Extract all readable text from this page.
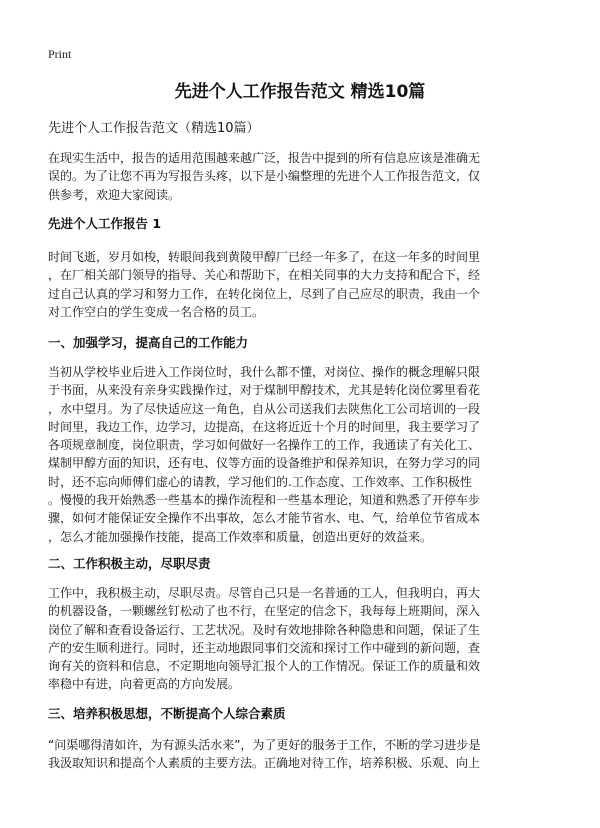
Print
先进个人工作报告范文 精选10篇
先进个人工作报告范文（精选10篇）
在现实生活中，报告的适用范围越来越广泛，报告中提到的所有信息应该是准确无
误的。为了让您不再为写报告头疼，以下是小编整理的先进个人工作报告范文，仅
供参考，欢迎大家阅读。
先进个人工作报告 1
时间飞逝，岁月如梭，转眼间我到黄陵甲醇厂已经一年多了，在这一年多的时间里
，在厂相关部门领导的指导、关心和帮助下，在相关同事的大力支持和配合下，经
过自己认真的学习和努力工作，在转化岗位上，尽到了自己应尽的职责，我由一个
对工作空白的学生变成一名合格的员工。
一、加强学习，提高自己的工作能力
当初从学校毕业后进入工作岗位时，我什么都不懂，对岗位、操作的概念理解只限
于书面，从来没有亲身实践操作过，对于煤制甲醇技术，尤其是转化岗位雾里看花
，水中望月。为了尽快适应这一角色，自从公司送我们去陕焦化工公司培训的一段
时间里，我边工作，边学习，边提高，在这将近近十个月的时间里，我主要学习了
各项规章制度，岗位职责，学习如何做好一名操作工的工作，我通读了有关化工、
煤制甲醇方面的知识，还有电、仪等方面的设备维护和保养知识，在努力学习的同
时，还不忘向师傅们虚心的请教，学习他们的.工作态度、工作效率、工作积极性
。慢慢的我开始熟悉一些基本的操作流程和一些基本理论，知道和熟悉了开停车步
骤，如何才能保证安全操作不出事故，怎么才能节省水、电、气，给单位节省成本
，怎么才能加强操作技能，提高工作效率和质量，创造出更好的效益来。
二、工作积极主动，尽职尽责
工作中，我积极主动，尽职尽责。尽管自己只是一名普通的工人，但我明白，再大
的机器设备，一颗螺丝钉松动了也不行，在坚定的信念下，我每每上班期间，深入
岗位了解和查看设备运行、工艺状况。及时有效地排除各种隐患和问题，保证了生
产的安生顺利进行。同时，还主动地跟同事们交流和探讨工作中碰到的新问题，查
询有关的资料和信息，不定期地向领导汇报个人的工作情况。保证工作的质量和效
率稳中有进，向着更高的方向发展。
三、培养积极思想，不断提高个人综合素质
“问渠哪得清如许，为有源头活水来”，为了更好的服务于工作，不断的学习进步是
我汲取知识和提高个人素质的主要方法。正确地对待工作，培养积极、乐观、向上
